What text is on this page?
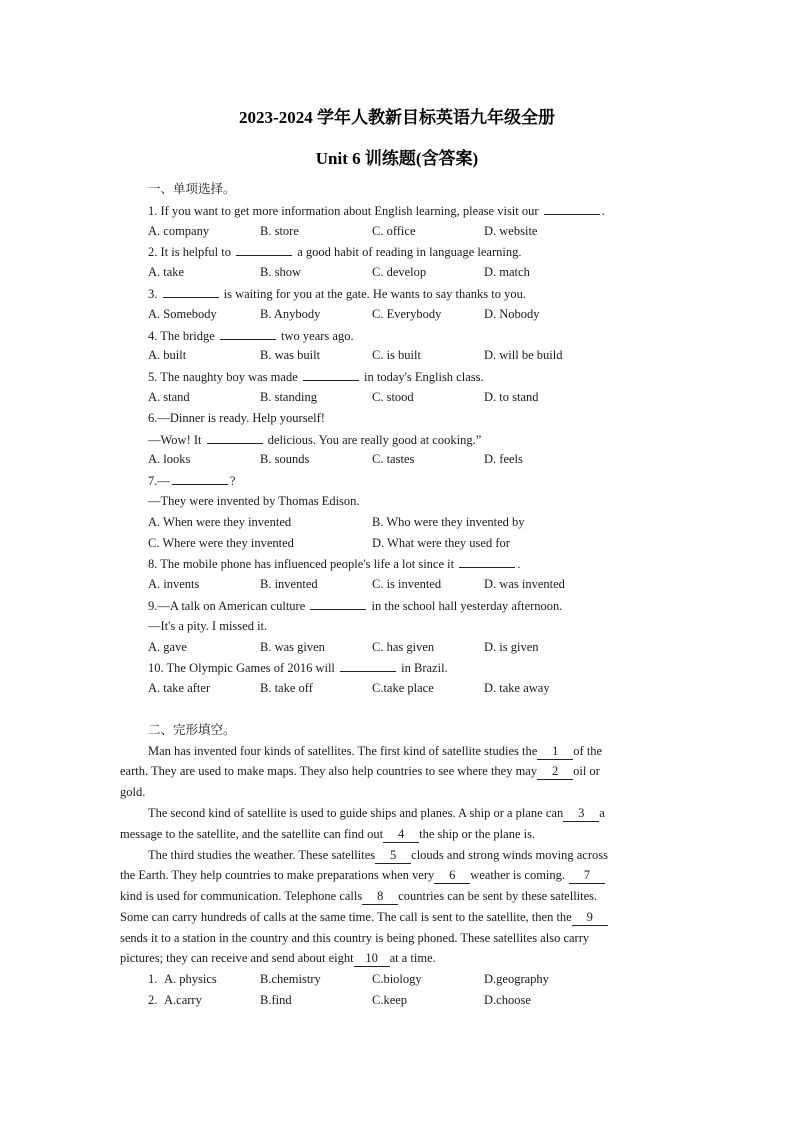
2023-2024 学年人教新目标英语九年级全册
Unit 6 训练题(含答案)
一、单项选择。
1. If you want to get more information about English learning, please visit our	.
A. company	B. store	C. office	D. website
2. It is helpful to	a good habit of reading in language learning.
A. take	B. show	C. develop	D. match
3.	is waiting for you at the gate. He wants to say thanks to you.
A. Somebody	B. Anybody	C. Everybody	D. Nobody
4. The bridge	two years ago.
A. built	B. was built	C. is built	D. will be build
5. The naughty boy was made	in today's English class.
A. stand	B. standing	C. stood	D. to stand
6.—Dinner is ready. Help yourself!
—Wow! It	delicious. You are really good at cooking.”
A. looks	B. sounds	C. tastes	D. feels
7.—	?
—They were invented by Thomas Edison.
A. When were they invented	B. Who were they invented by
C. Where were they invented	D. What were they used for
8. The mobile phone has influenced people's life a lot since it	.
A. invents	B. invented	C. is invented	D. was invented
9.—A talk on American culture	in the school hall yesterday afternoon.
—It's a pity. I missed it.
A. gave	B. was given	C. has given	D. is given
10. The Olympic Games of 2016 will	in Brazil.
A. take after	B. take off	C.take place	D. take away
二、完形填空。
Man has invented four kinds of satellites. The first kind of satellite studies the 1 of the
earth. They are used to make maps. They also help countries to see where they may 2 oil or
gold.
The second kind of satellite is used to guide ships and planes. A ship or a plane can 3 a
message to the satellite, and the satellite can find out 4 the ship or the plane is.
The third studies the weather. These satellites 5 clouds and strong winds moving across
the Earth. They help countries to make preparations when very 6 weather is coming. 7
kind is used for communication. Telephone calls 8 countries can be sent by these satellites.
Some can carry hundreds of calls at the same time. The call is sent to the satellite, then the 9
sends it to a station in the country and this country is being phoned. These satellites also carry
pictures; they can receive and send about eight 10 at a time.
1. A. physics	B.chemistry	C.biology	D.geography
2. A.carry	B.find	C.keep	D.choose
